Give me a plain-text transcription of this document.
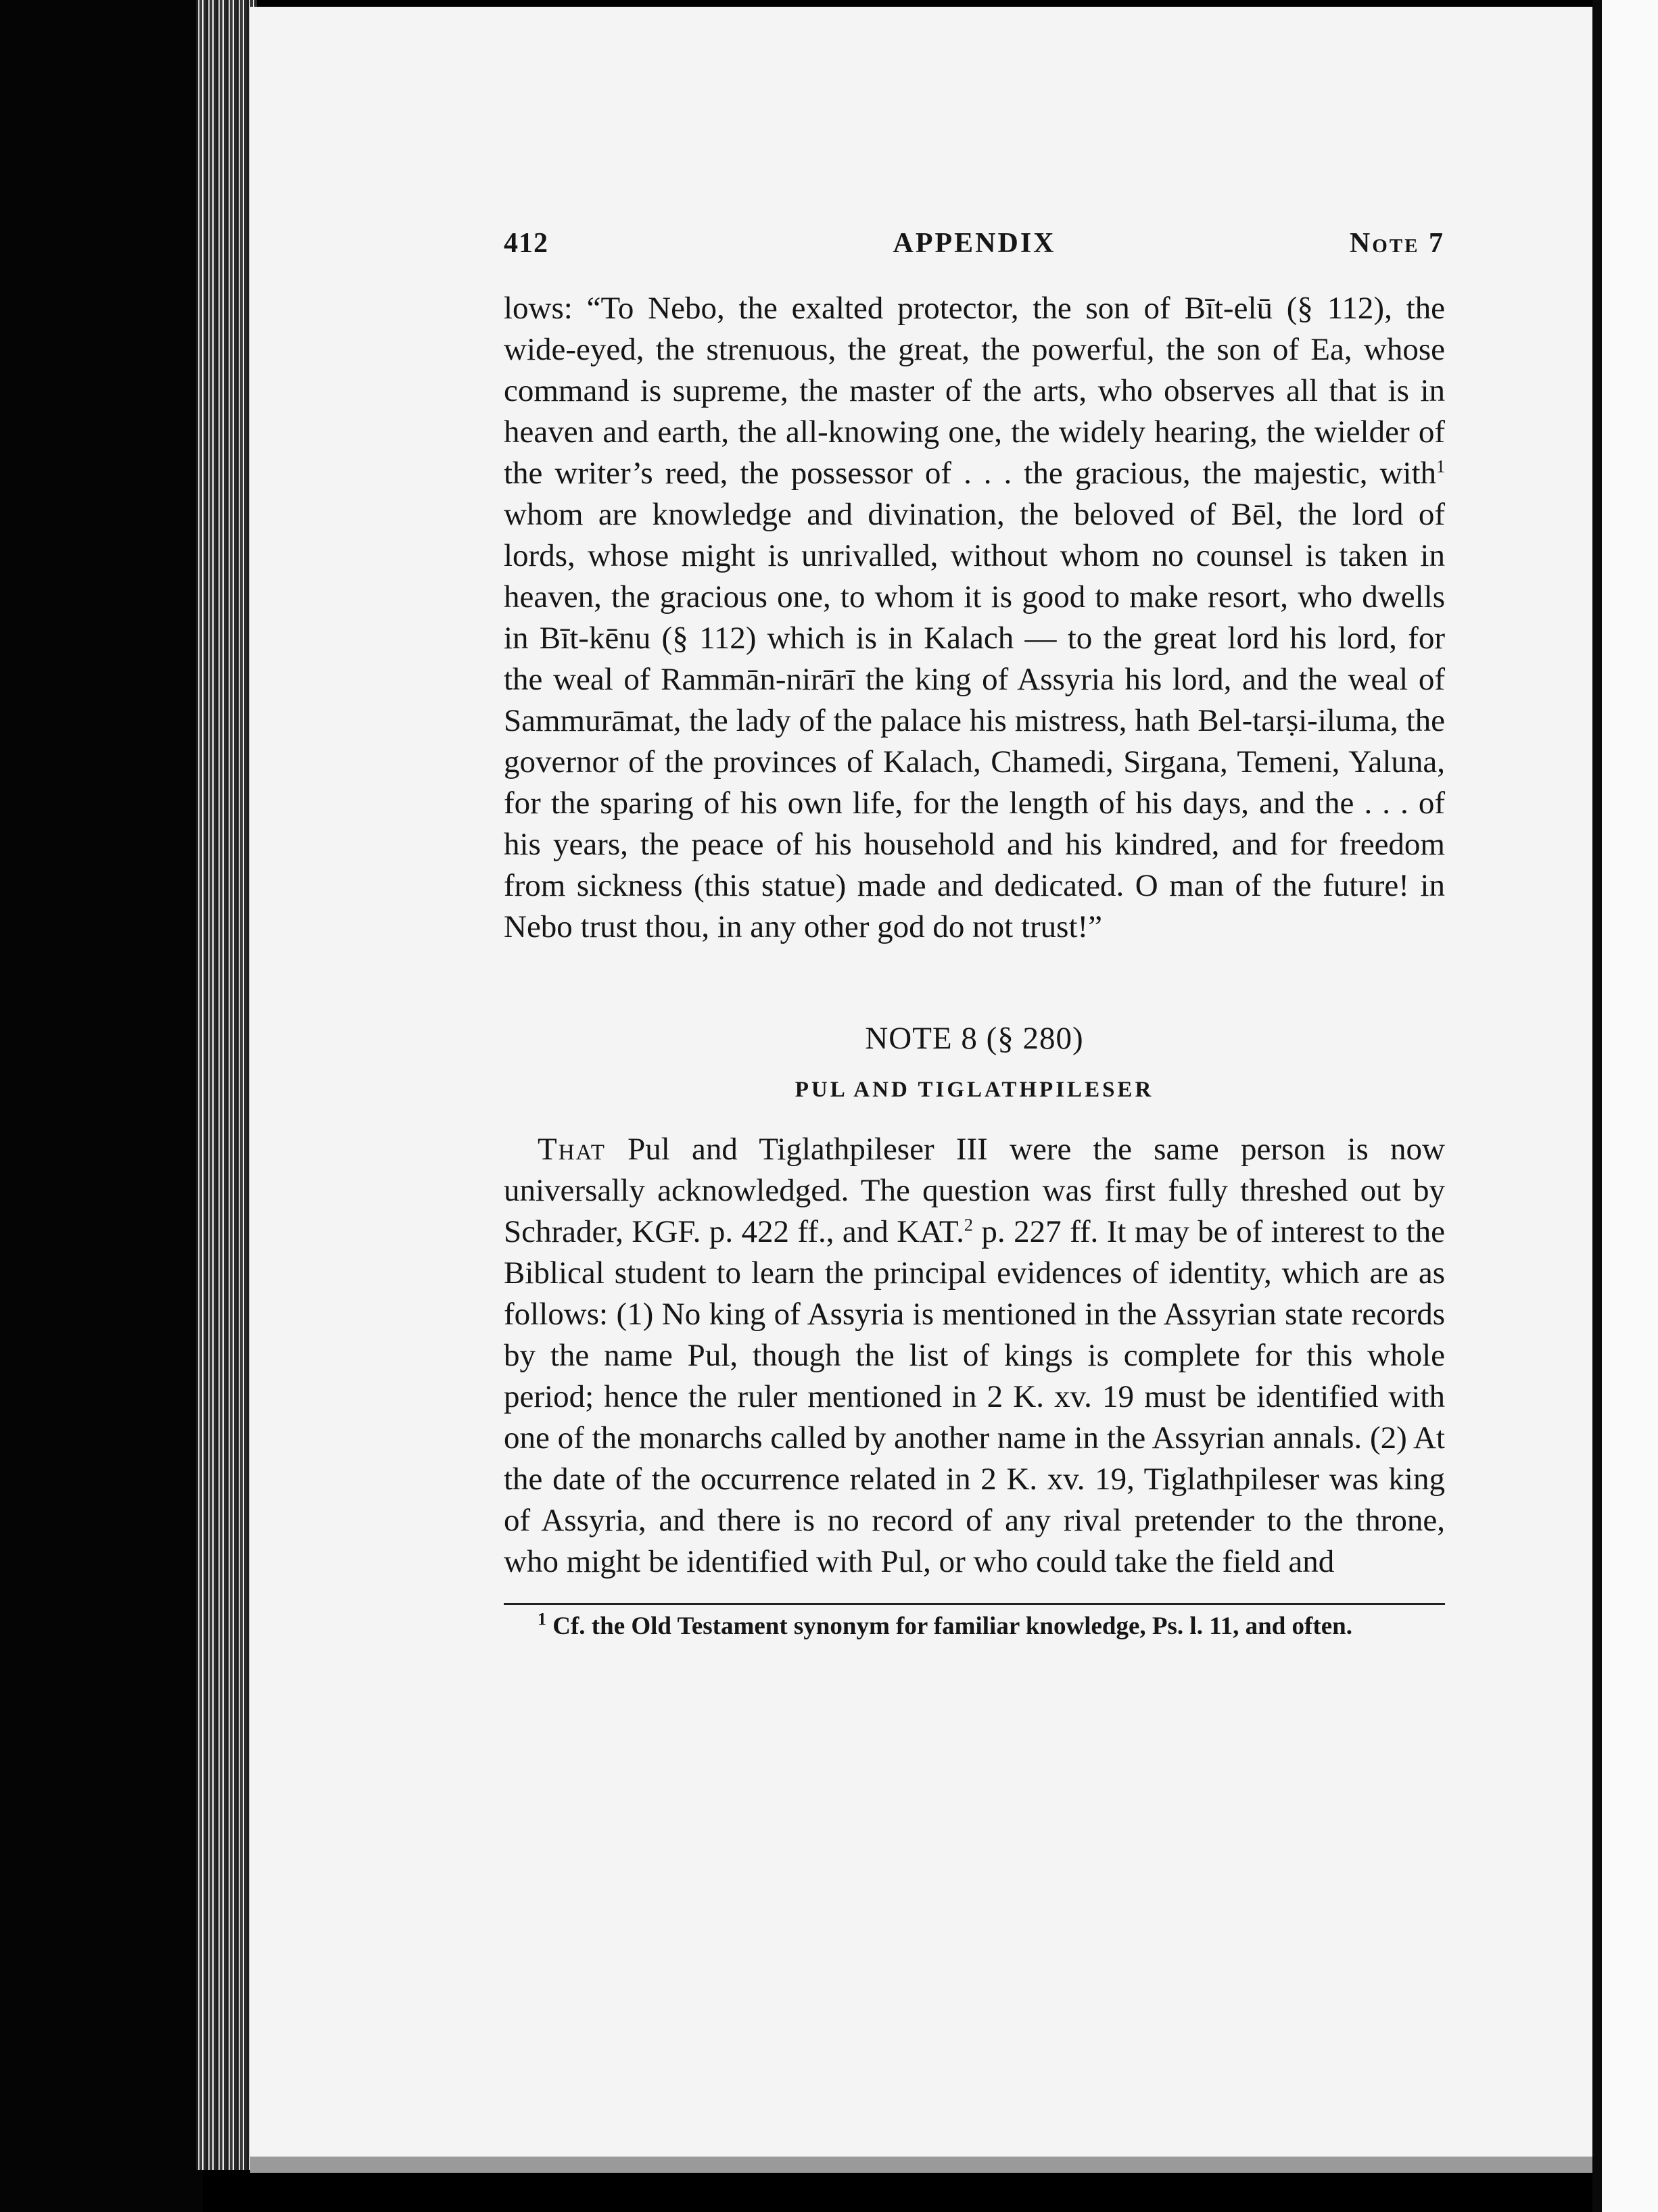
412	APPENDIX	Note 7

lows: “To Nebo, the exalted protector, the son of Bīt-elū (§ 112), the wide-eyed, the strenuous, the great, the powerful, the son of Ea, whose command is supreme, the master of the arts, who observes all that is in heaven and earth, the all-knowing one, the widely hearing, the wielder of the writer’s reed, the possessor of . . . the gracious, the majestic, with$^1$ whom are knowledge and divination, the beloved of Bēl, the lord of lords, whose might is unrivalled, without whom no counsel is taken in heaven, the gracious one, to whom it is good to make resort, who dwells in Bīt-kēnu (§ 112) which is in Kalach — to the great lord his lord, for the weal of Rammān-nirārī the king of Assyria his lord, and the weal of Sammurāmat, the lady of the palace his mistress, hath Bel-tarṣi-iluma, the governor of the provinces of Kalach, Chamedi, Sirgana, Temeni, Yaluna, for the sparing of his own life, for the length of his days, and the . . . of his years, the peace of his household and his kindred, and for freedom from sickness (this statue) made and dedicated. O man of the future! in Nebo trust thou, in any other god do not trust!”

NOTE 8 (§ 280)
PUL AND TIGLATHPILESER

That Pul and Tiglathpileser III were the same person is now universally acknowledged. The question was first fully threshed out by Schrader, KGF. p. 422 ff., and KAT.$^2$ p. 227 ff. It may be of interest to the Biblical student to learn the principal evidences of identity, which are as follows: (1) No king of Assyria is mentioned in the Assyrian state records by the name Pul, though the list of kings is complete for this whole period; hence the ruler mentioned in 2 K. xv. 19 must be identified with one of the monarchs called by another name in the Assyrian annals. (2) At the date of the occurrence related in 2 K. xv. 19, Tiglathpileser was king of Assyria, and there is no record of any rival pretender to the throne, who might be identified with Pul, or who could take the field and

$^1$ Cf. the Old Testament synonym for familiar knowledge, Ps. l. 11, and often.
